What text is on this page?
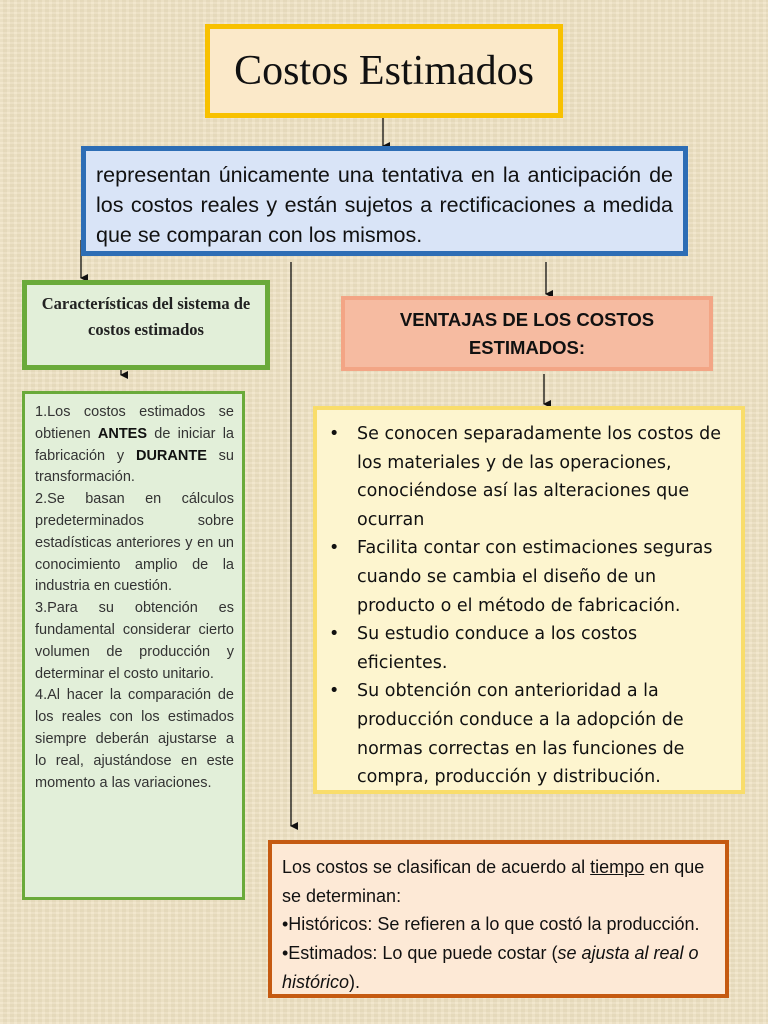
Costos Estimados
representan únicamente una tentativa en la anticipación de los costos reales y están sujetos a rectificaciones a medida que se comparan con los mismos.
Características del sistema de costos estimados

1.Los costos estimados se obtienen ANTES de iniciar la fabricación y DURANTE su transformación.

2.Se basan en cálculos predeterminados sobre estadísticas anteriores y en un conocimiento amplio de la industria en cuestión.

3.Para su obtención es fundamental considerar cierto volumen de producción y determinar el costo unitario.

4.Al hacer la comparación de los reales con los estimados siempre deberán ajustarse a lo real, ajustándose en este momento a las variaciones.

VENTAJAS DE LOS COSTOS ESTIMADOS:
• Se conocen separadamente los costos de los materiales y de las operaciones, conociéndose así las alteraciones que ocurran
• Facilita contar con estimaciones seguras cuando se cambia el diseño de un producto o el método de fabricación.
• Su estudio conduce a los costos eficientes.
• Su obtención con anterioridad a la producción conduce a la adopción de normas correctas en las funciones de compra, producción y distribución.

Los costos se clasifican de acuerdo al tiempo en que se determinan:

•Históricos: Se refieren a lo que costó la producción.

•Estimados: Lo que puede costar (se ajusta al real o histórico).
